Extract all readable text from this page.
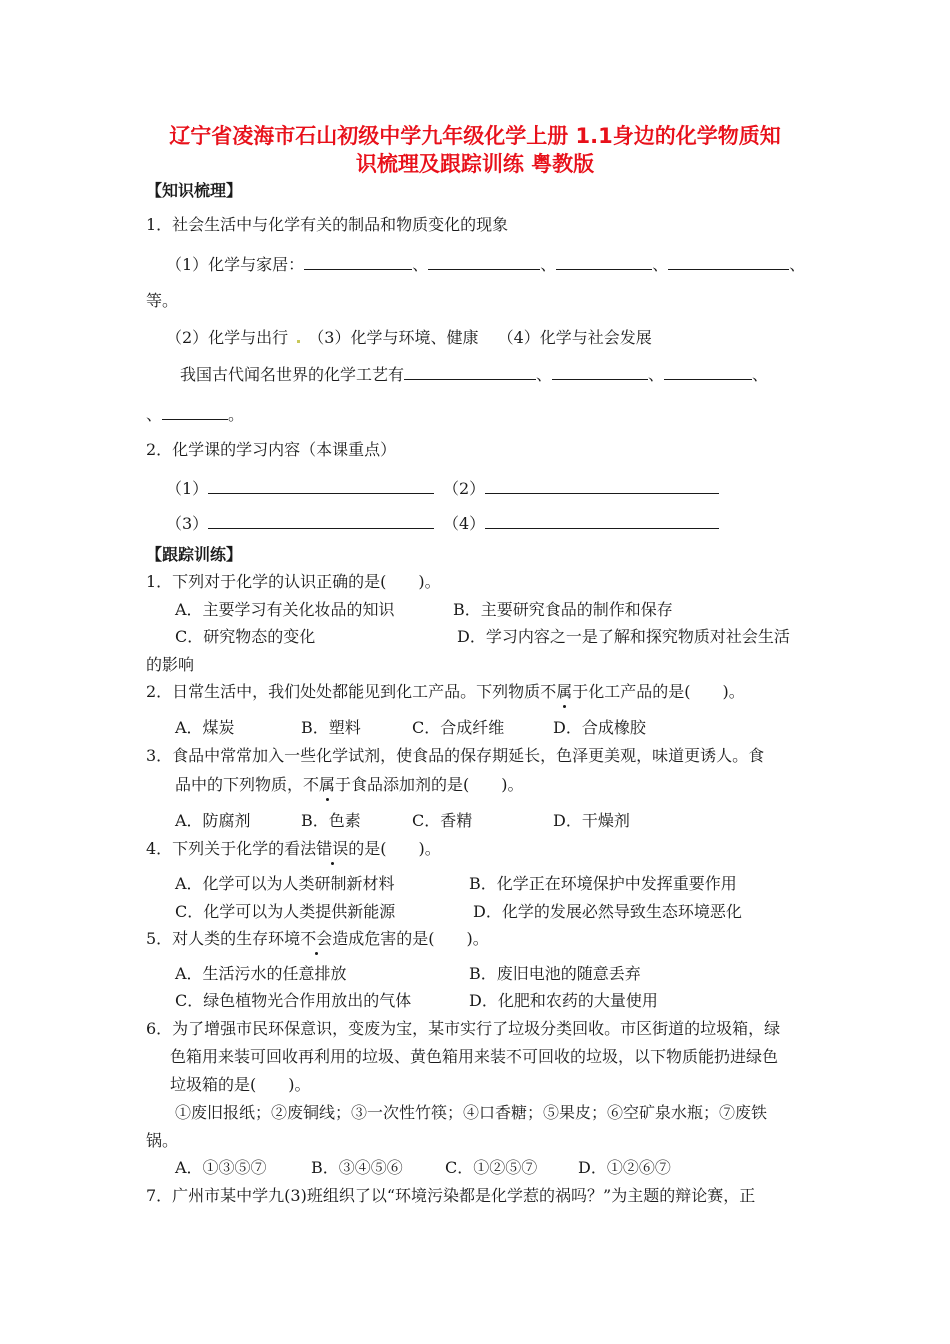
辽宁省凌海市石山初级中学九年级化学上册 1.1身边的化学物质知
识梳理及跟踪训练 粤教版
【知识梳理】
1．社会生活中与化学有关的制品和物质变化的现象
（1）化学与家居：	、	、	、	、
等。
（2）化学与出行 （3）化学与环境、健康 （4）化学与社会发展
我国古代闻名世界的化学工艺有	、	、	、
、	。
2．化学课的学习内容（本课重点）
（1）	（2）
（3）	（4）
【跟踪训练】
1．下列对于化学的认识正确的是(　　)。
A．主要学习有关化妆品的知识	B．主要研究食品的制作和保存
C．研究物态的变化	D．学习内容之一是了解和探究物质对社会生活
的影响
2．日常生活中，我们处处都能见到化工产品。下列物质不属于化工产品的是(　　)。
A．煤炭	B．塑料	C．合成纤维	D．合成橡胶
3．食品中常常加入一些化学试剂，使食品的保存期延长，色泽更美观，味道更诱人。食
品中的下列物质，不属于食品添加剂的是(　　)。
A．防腐剂	B．色素	C．香精	D．干燥剂
4．下列关于化学的看法错误的是(　　)。
A．化学可以为人类研制新材料	B．化学正在环境保护中发挥重要作用
C．化学可以为人类提供新能源	D．化学的发展必然导致生态环境恶化
5．对人类的生存环境不会造成危害的是(　　)。
A．生活污水的任意排放	B．废旧电池的随意丢弃
C．绿色植物光合作用放出的气体	D．化肥和农药的大量使用
6．为了增强市民环保意识，变废为宝，某市实行了垃圾分类回收。市区街道的垃圾箱，绿
色箱用来装可回收再利用的垃圾、黄色箱用来装不可回收的垃圾，以下物质能扔进绿色
垃圾箱的是(　　)。
①废旧报纸；②废铜线；③一次性竹筷；④口香糖；⑤果皮；⑥空矿泉水瓶；⑦废铁
锅。
A．①③⑤⑦	B．③④⑤⑥	C．①②⑤⑦	D．①②⑥⑦
7．广州市某中学九(3)班组织了以“环境污染都是化学惹的祸吗？”为主题的辩论赛，正
